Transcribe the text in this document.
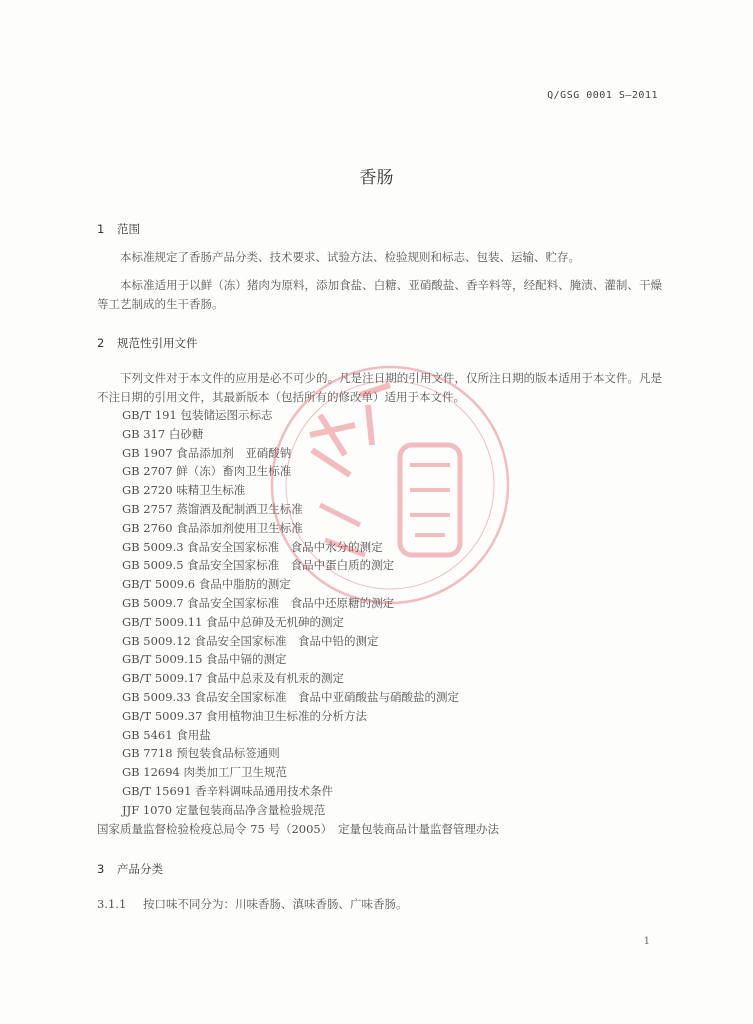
Q/GSG 0001 S—2011
香肠
1 范围

本标准规定了香肠产品分类、技术要求、试验方法、检验规则和标志、包装、运输、贮存。

本标准适用于以鲜（冻）猪肉为原料，添加食盐、白糖、亚硝酸盐、香辛料等，经配料、腌渍、灌制、干燥等工艺制成的生干香肠。

2 规范性引用文件

下列文件对于本文件的应用是必不可少的。凡是注日期的引用文件，仅所注日期的版本适用于本文件。凡是不注日期的引用文件，其最新版本（包括所有的修改单）适用于本文件。

GB/T 191 包装储运图示标志
GB 317 白砂糖
GB 1907 食品添加剂　亚硝酸钠
GB 2707 鲜（冻）畜肉卫生标准
GB 2720 味精卫生标准
GB 2757 蒸馏酒及配制酒卫生标准
GB 2760 食品添加剂使用卫生标准
GB 5009.3 食品安全国家标准　食品中水分的测定
GB 5009.5 食品安全国家标准　食品中蛋白质的测定
GB/T 5009.6 食品中脂肪的测定
GB 5009.7 食品安全国家标准　食品中还原糖的测定
GB/T 5009.11 食品中总砷及无机砷的测定
GB 5009.12 食品安全国家标准　食品中铅的测定
GB/T 5009.15 食品中镉的测定
GB/T 5009.17 食品中总汞及有机汞的测定
GB 5009.33 食品安全国家标准　食品中亚硝酸盐与硝酸盐的测定
GB/T 5009.37 食用植物油卫生标准的分析方法
GB 5461 食用盐
GB 7718 预包装食品标签通则
GB 12694 肉类加工厂卫生规范
GB/T 15691 香辛料调味品通用技术条件
JJF 1070 定量包装商品净含量检验规范
国家质量监督检验检疫总局令 75 号（2005）　定量包装商品计量监督管理办法
3 产品分类
3.1.1 按口味不同分为：川味香肠、滇味香肠、广味香肠。
1
